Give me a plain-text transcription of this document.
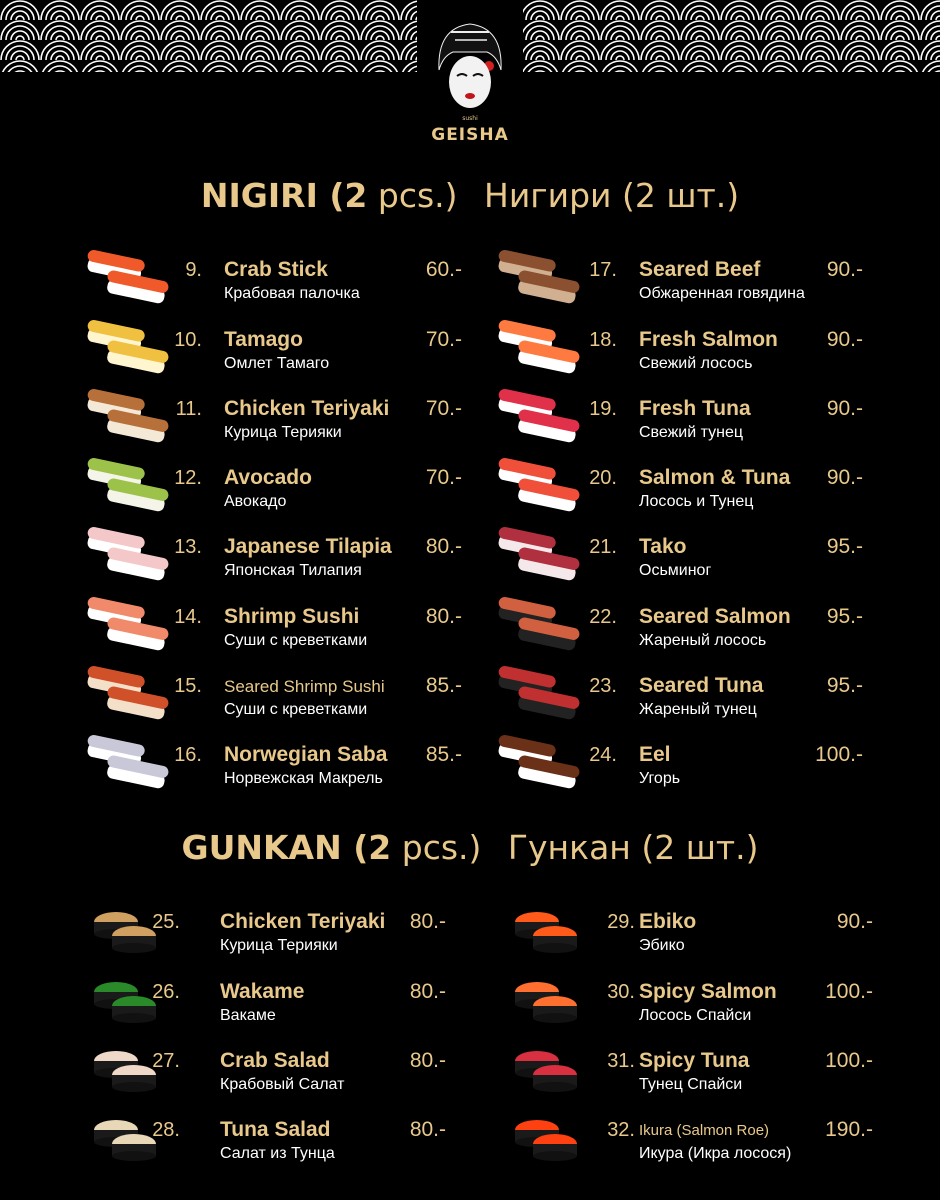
sushi
GEISHA
NIGIRI (2 pcs.) Нигири (2 шт.)
GUNKAN (2 pcs.) Гункан (2 шт.)
9. Crab Stick	60.-
Крабовая палочка
10. Tamago	70.-
Омлет Тамаго
11. Chicken Teriyaki 70.-
Курица Терияки
12. Avocado	70.-
Авокадо
13. Japanese Tilapia 80.-
Японская Тилапия
14. Shrimp Sushi	80.-
Суши с креветками
15. Seared Shrimp Sushi 85.-
Суши с креветками
16. Norwegian Saba 85.-
Норвежская Макрель
17. Seared Beef	90.-
Обжаренная говядина
18. Fresh Salmon 90.-
Свежий лосось
19. Fresh Tuna	90.-
Свежий тунец
20. Salmon & Tuna 90.-
Лосось и Тунец
21. Tako	95.-
Осьминог
22. Seared Salmon 95.-
Жареный лосось
23. Seared Tuna	95.-
Жареный тунец
24. Eel	100.-
Угорь
25. Chicken Teriyaki 80.-
Курица Терияки
26. Wakame	80.-
Вакаме
27. Crab Salad	80.-
Крабовый Салат
28. Tuna Salad	80.-
Салат из Тунца
29. Ebiko	90.-
Эбико
30. Spicy Salmon 100.-
Лосось Спайси
31. Spicy Tuna	100.-
Тунец Спайси
32. Ikura (Salmon Roe)	190.-
Икура (Икра лосося)
